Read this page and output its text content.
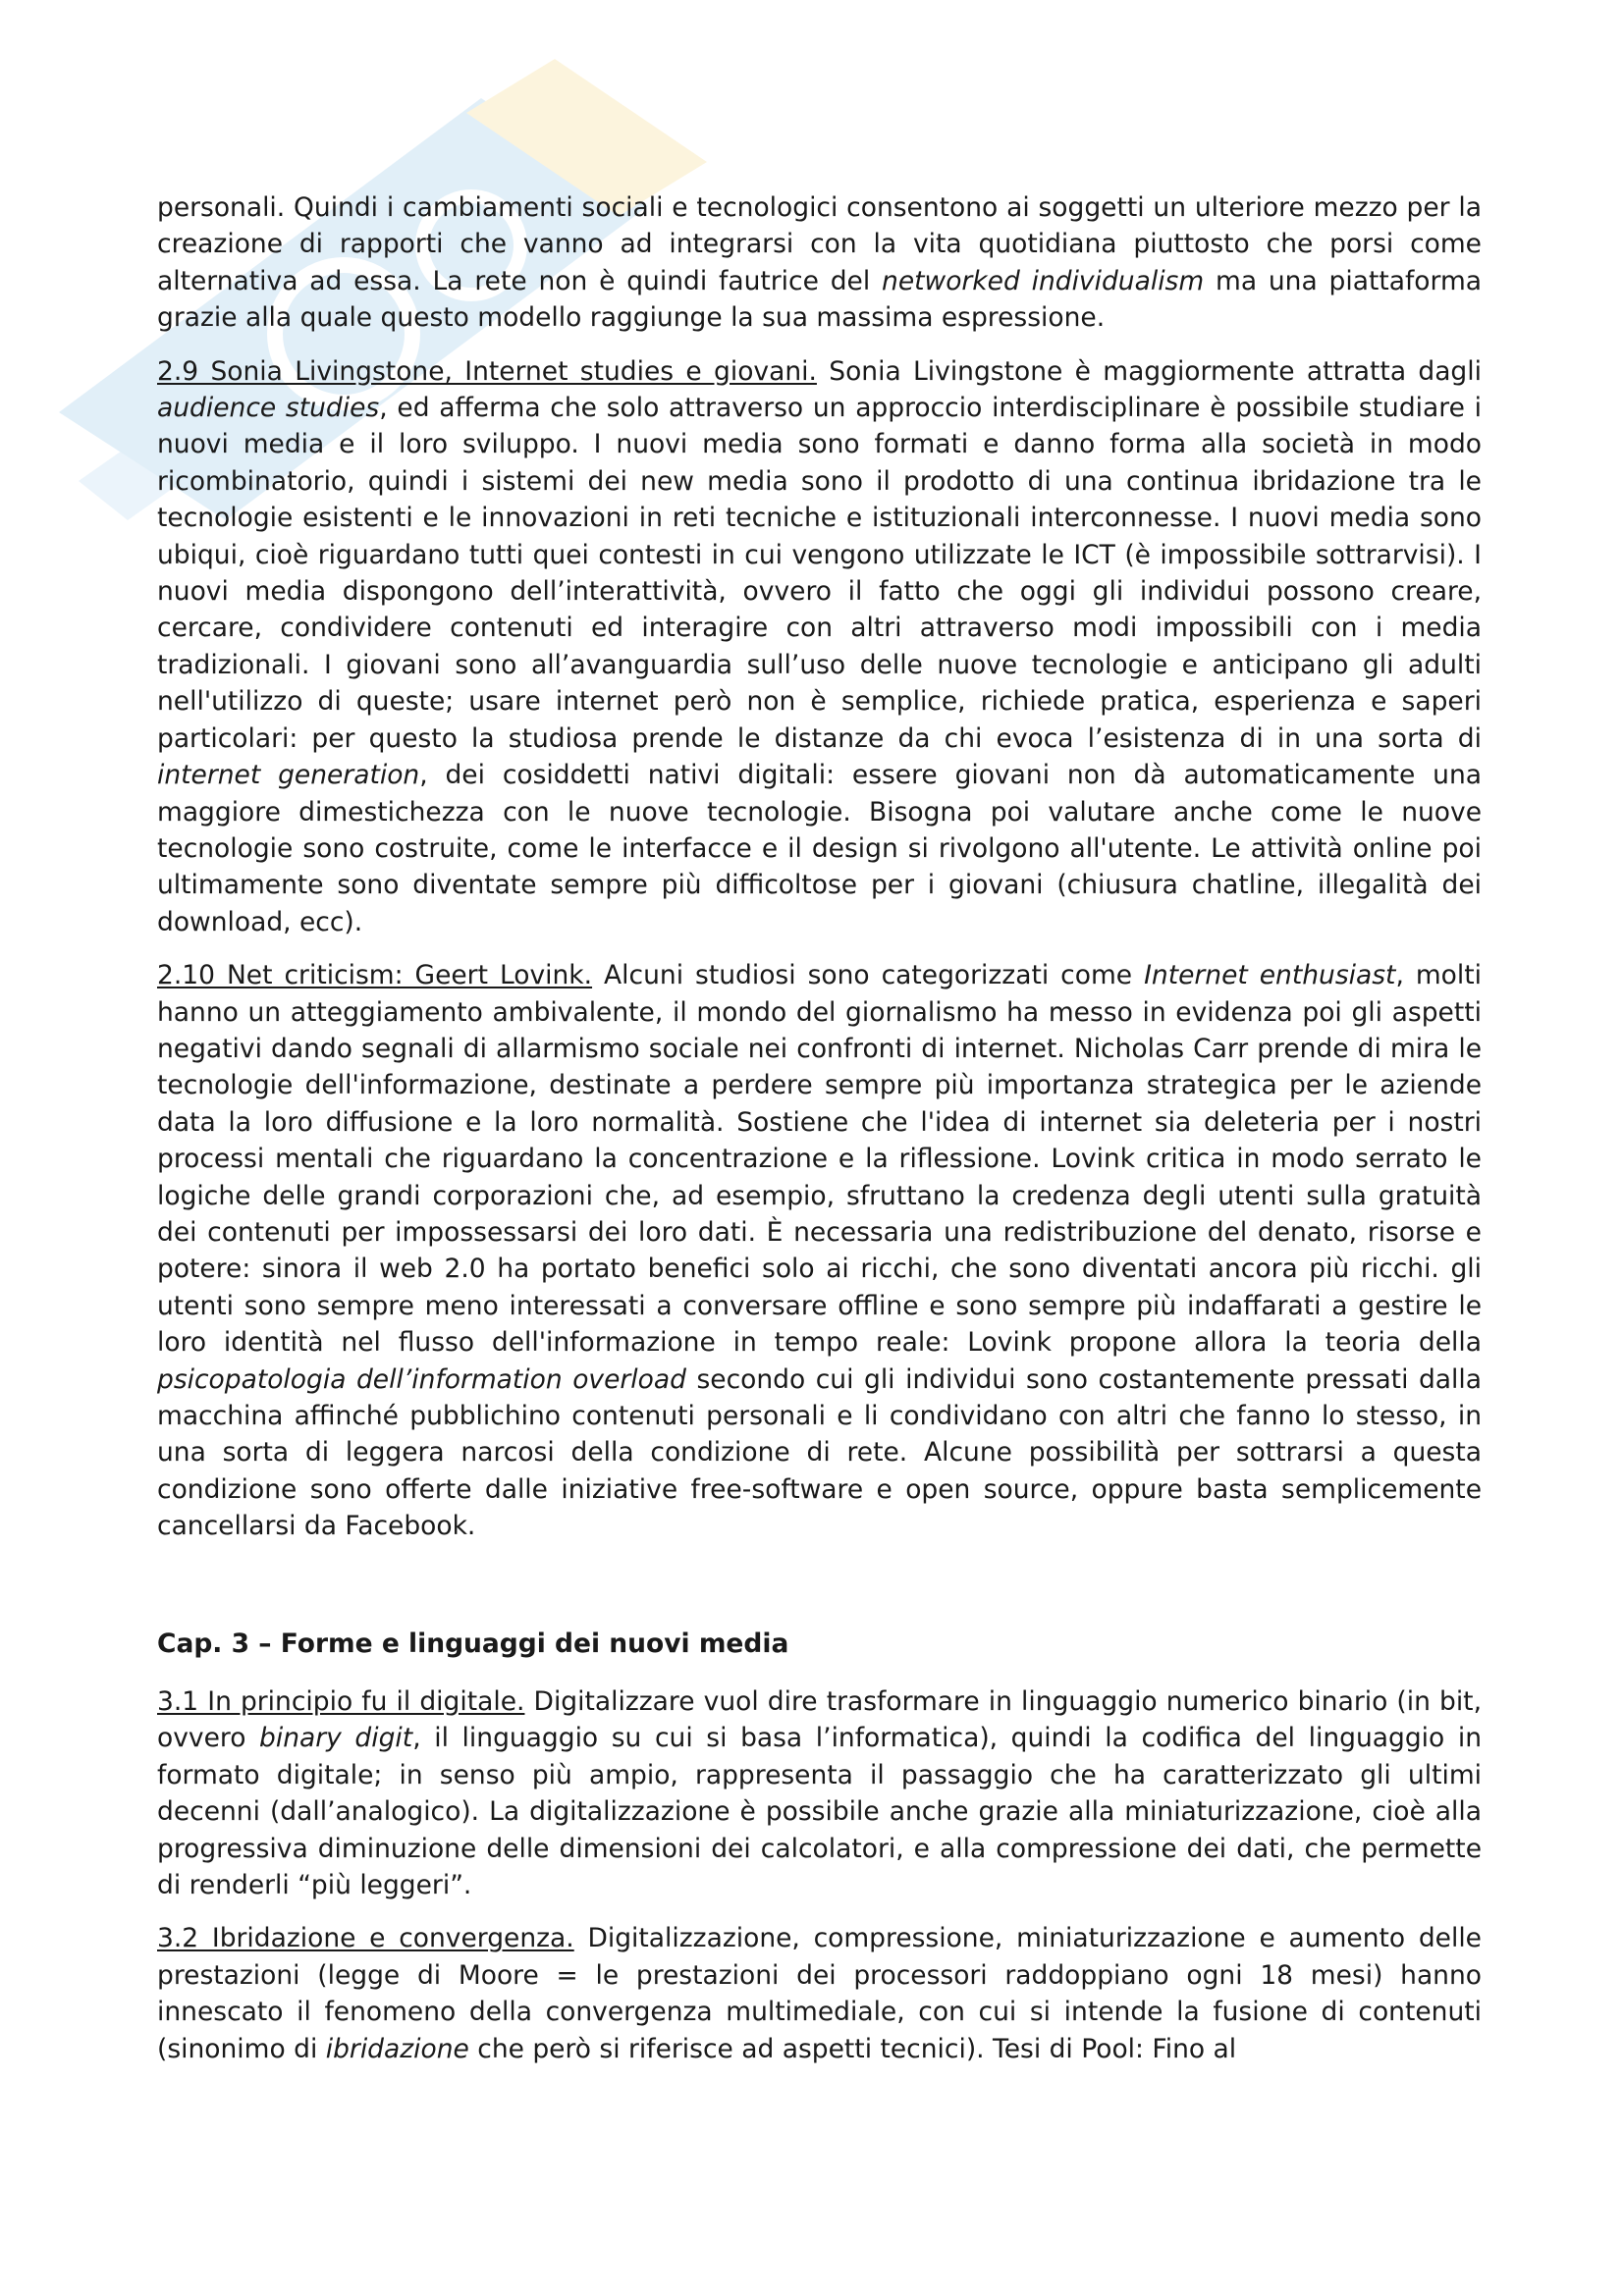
personali. Quindi i cambiamenti sociali e tecnologici consentono ai soggetti un ulteriore mezzo per la creazione di rapporti che vanno ad integrarsi con la vita quotidiana piuttosto che porsi come alternativa ad essa. La rete non è quindi fautrice del networked individualism ma una piattaforma grazie alla quale questo modello raggiunge la sua massima espressione.

2.9 Sonia Livingstone, Internet studies e giovani. Sonia Livingstone è maggiormente attratta dagli audience studies, ed afferma che solo attraverso un approccio interdisciplinare è possibile studiare i nuovi media e il loro sviluppo. I nuovi media sono formati e danno forma alla società in modo ricombinatorio, quindi i sistemi dei new media sono il prodotto di una continua ibridazione tra le tecnologie esistenti e le innovazioni in reti tecniche e istituzionali interconnesse. I nuovi media sono ubiqui, cioè riguardano tutti quei contesti in cui vengono utilizzate le ICT (è impossibile sottrarvisi). I nuovi media dispongono dell’interattività, ovvero il fatto che oggi gli individui possono creare, cercare, condividere contenuti ed interagire con altri attraverso modi impossibili con i media tradizionali. I giovani sono all’avanguardia sull’uso delle nuove tecnologie e anticipano gli adulti nell'utilizzo di queste; usare internet però non è semplice, richiede pratica, esperienza e saperi particolari: per questo la studiosa prende le distanze da chi evoca l’esistenza di in una sorta di internet generation, dei cosiddetti nativi digitali: essere giovani non dà automaticamente una maggiore dimestichezza con le nuove tecnologie. Bisogna poi valutare anche come le nuove tecnologie sono costruite, come le interfacce e il design si rivolgono all'utente. Le attività online poi ultimamente sono diventate sempre più difficoltose per i giovani (chiusura chatline, illegalità dei download, ecc).

2.10 Net criticism: Geert Lovink. Alcuni studiosi sono categorizzati come Internet enthusiast, molti hanno un atteggiamento ambivalente, il mondo del giornalismo ha messo in evidenza poi gli aspetti negativi dando segnali di allarmismo sociale nei confronti di internet. Nicholas Carr prende di mira le tecnologie dell'informazione, destinate a perdere sempre più importanza strategica per le aziende data la loro diffusione e la loro normalità. Sostiene che l'idea di internet sia deleteria per i nostri processi mentali che riguardano la concentrazione e la riflessione. Lovink critica in modo serrato le logiche delle grandi corporazioni che, ad esempio, sfruttano la credenza degli utenti sulla gratuità dei contenuti per impossessarsi dei loro dati. È necessaria una redistribuzione del denato, risorse e potere: sinora il web 2.0 ha portato benefici solo ai ricchi, che sono diventati ancora più ricchi. gli utenti sono sempre meno interessati a conversare offline e sono sempre più indaffarati a gestire le loro identità nel flusso dell'informazione in tempo reale: Lovink propone allora la teoria della psicopatologia dell’information overload secondo cui gli individui sono costantemente pressati dalla macchina affinché pubblichino contenuti personali e li condividano con altri che fanno lo stesso, in una sorta di leggera narcosi della condizione di rete. Alcune possibilità per sottrarsi a questa condizione sono offerte dalle iniziative free-software e open source, oppure basta semplicemente cancellarsi da Facebook.

Cap. 3 – Forme e linguaggi dei nuovi media

3.1 In principio fu il digitale. Digitalizzare vuol dire trasformare in linguaggio numerico binario (in bit, ovvero binary digit, il linguaggio su cui si basa l’informatica), quindi la codifica del linguaggio in formato digitale; in senso più ampio, rappresenta il passaggio che ha caratterizzato gli ultimi decenni (dall’analogico). La digitalizzazione è possibile anche grazie alla miniaturizzazione, cioè alla progressiva diminuzione delle dimensioni dei calcolatori, e alla compressione dei dati, che permette di renderli “più leggeri”.

3.2 Ibridazione e convergenza. Digitalizzazione, compressione, miniaturizzazione e aumento delle prestazioni (legge di Moore = le prestazioni dei processori raddoppiano ogni 18 mesi) hanno innescato il fenomeno della convergenza multimediale, con cui si intende la fusione di contenuti (sinonimo di ibridazione che però si riferisce ad aspetti tecnici). Tesi di Pool: Fino al
